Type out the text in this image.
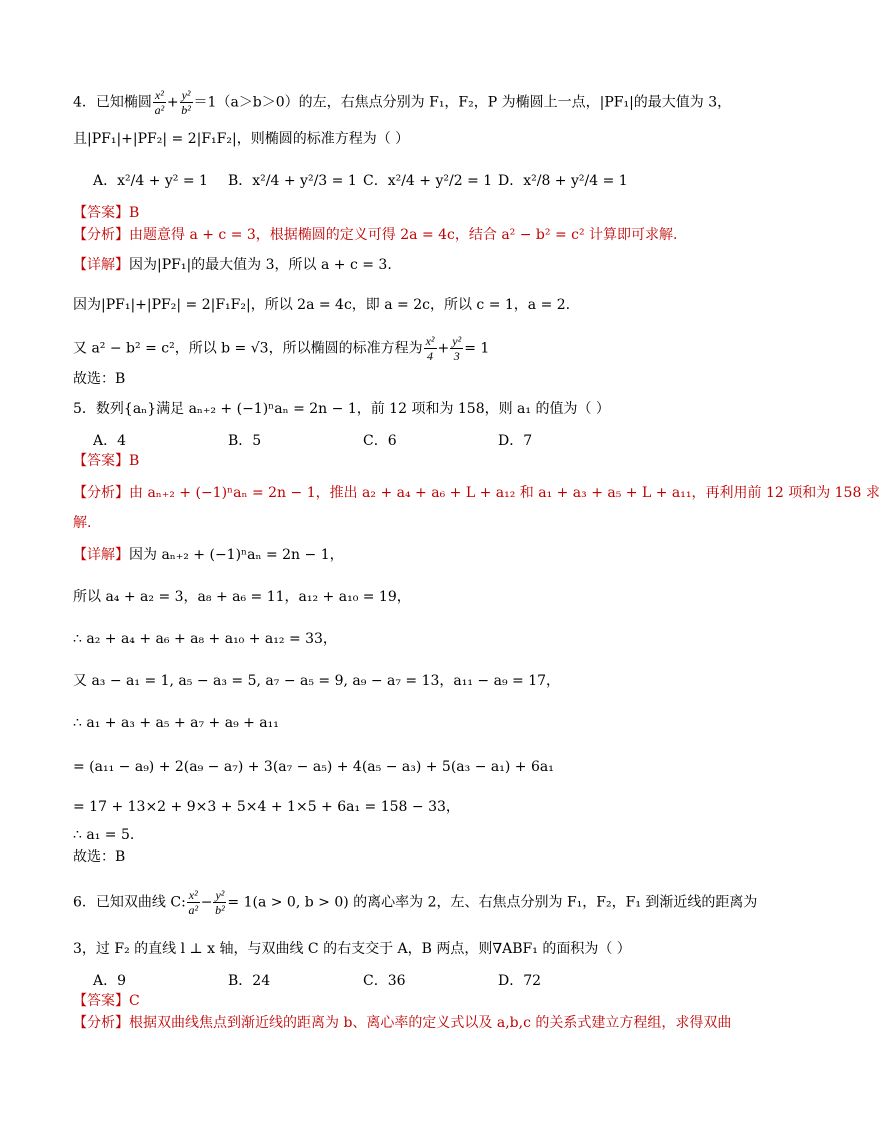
4．已知椭圆 $\frac{\text{x²}}{\text{a²}} + \frac{\text{y²}}{\text{b²}} =1(a>b>0)$的左，右焦点分别为 F₁，F₂，P 为椭圆上一点，|PF₁|的最大值为 3，
且|PF₁|+|PF₂| = 2|F₁F₂|，则椭圆的标准方程为（ ）
A．x²/4 + y² = 1 B．x²/4 + y²/3 = 1 C．x²/4 + y²/2 = 1 D．x²/8 + y²/4 = 1
【答案】B
【分析】由题意得 a + c = 3，根据椭圆的定义可得 2a = 4c，结合 a² − b² = c² 计算即可求解.
【详解】因为|PF₁|的最大值为 3，所以 a + c = 3.
因为|PF₁|+|PF₂| = 2|F₁F₂|，所以 2a = 4c，即 a = 2c，所以 c = 1，a = 2.
又 a² − b² = c²，所以 b = √3，所以椭圆的标准方程为 $\frac{\text{x²}}{4} + \frac{\text{y²}}{3} = 1$
故选：B
5．数列{aₙ}满足 aₙ₊₂ + (−1)ⁿaₙ = 2n − 1，前 12 项和为 158，则 a₁ 的值为（ ）
A．4	B．5	C．6	D．7
【答案】B
【分析】由 aₙ₊₂ + (−1)ⁿaₙ = 2n − 1，推出 a₂ + a₄ + a₆ + L + a₁₂ 和 a₁ + a₃ + a₅ + L + a₁₁，再利用前 12 项和为 158 求
解.
【详解】因为 aₙ₊₂ + (−1)ⁿaₙ = 2n − 1，
所以 a₄ + a₂ = 3，a₈ + a₆ = 11，a₁₂ + a₁₀ = 19，
∴ a₂ + a₄ + a₆ + a₈ + a₁₀ + a₁₂ = 33，
又 a₃ − a₁ = 1, a₅ − a₃ = 5, a₇ − a₅ = 9, a₉ − a₇ = 13，a₁₁ − a₉ = 17，
∴ a₁ + a₃ + a₅ + a₇ + a₉ + a₁₁
= (a₁₁ − a₉) + 2(a₉ − a₇) + 3(a₇ − a₅) + 4(a₅ − a₃) + 5(a₃ − a₁) + 6a₁
= 17 + 13×2 + 9×3 + 5×4 + 1×5 + 6a₁ = 158 − 33，
∴ a₁ = 5.
故选：B
6．已知双曲线 C: $\frac{\text{x²}}{\text{a²}} - \frac{\text{y²}}{\text{b²}} = 1(a > 0$, b > 0) 的离心率为 2，左、右焦点分别为 F₁，F₂，F₁ 到渐近线的距离为
3，过 F₂ 的直线 l ⊥ x 轴，与双曲线 C 的右支交于 A，B 两点，则∇ABF₁ 的面积为（ ）
A．9	B．24	C．36	D．72
【答案】C
【分析】根据双曲线焦点到渐近线的距离为 b、离心率的定义式以及 a,b,c 的关系式建立方程组，求得双曲
